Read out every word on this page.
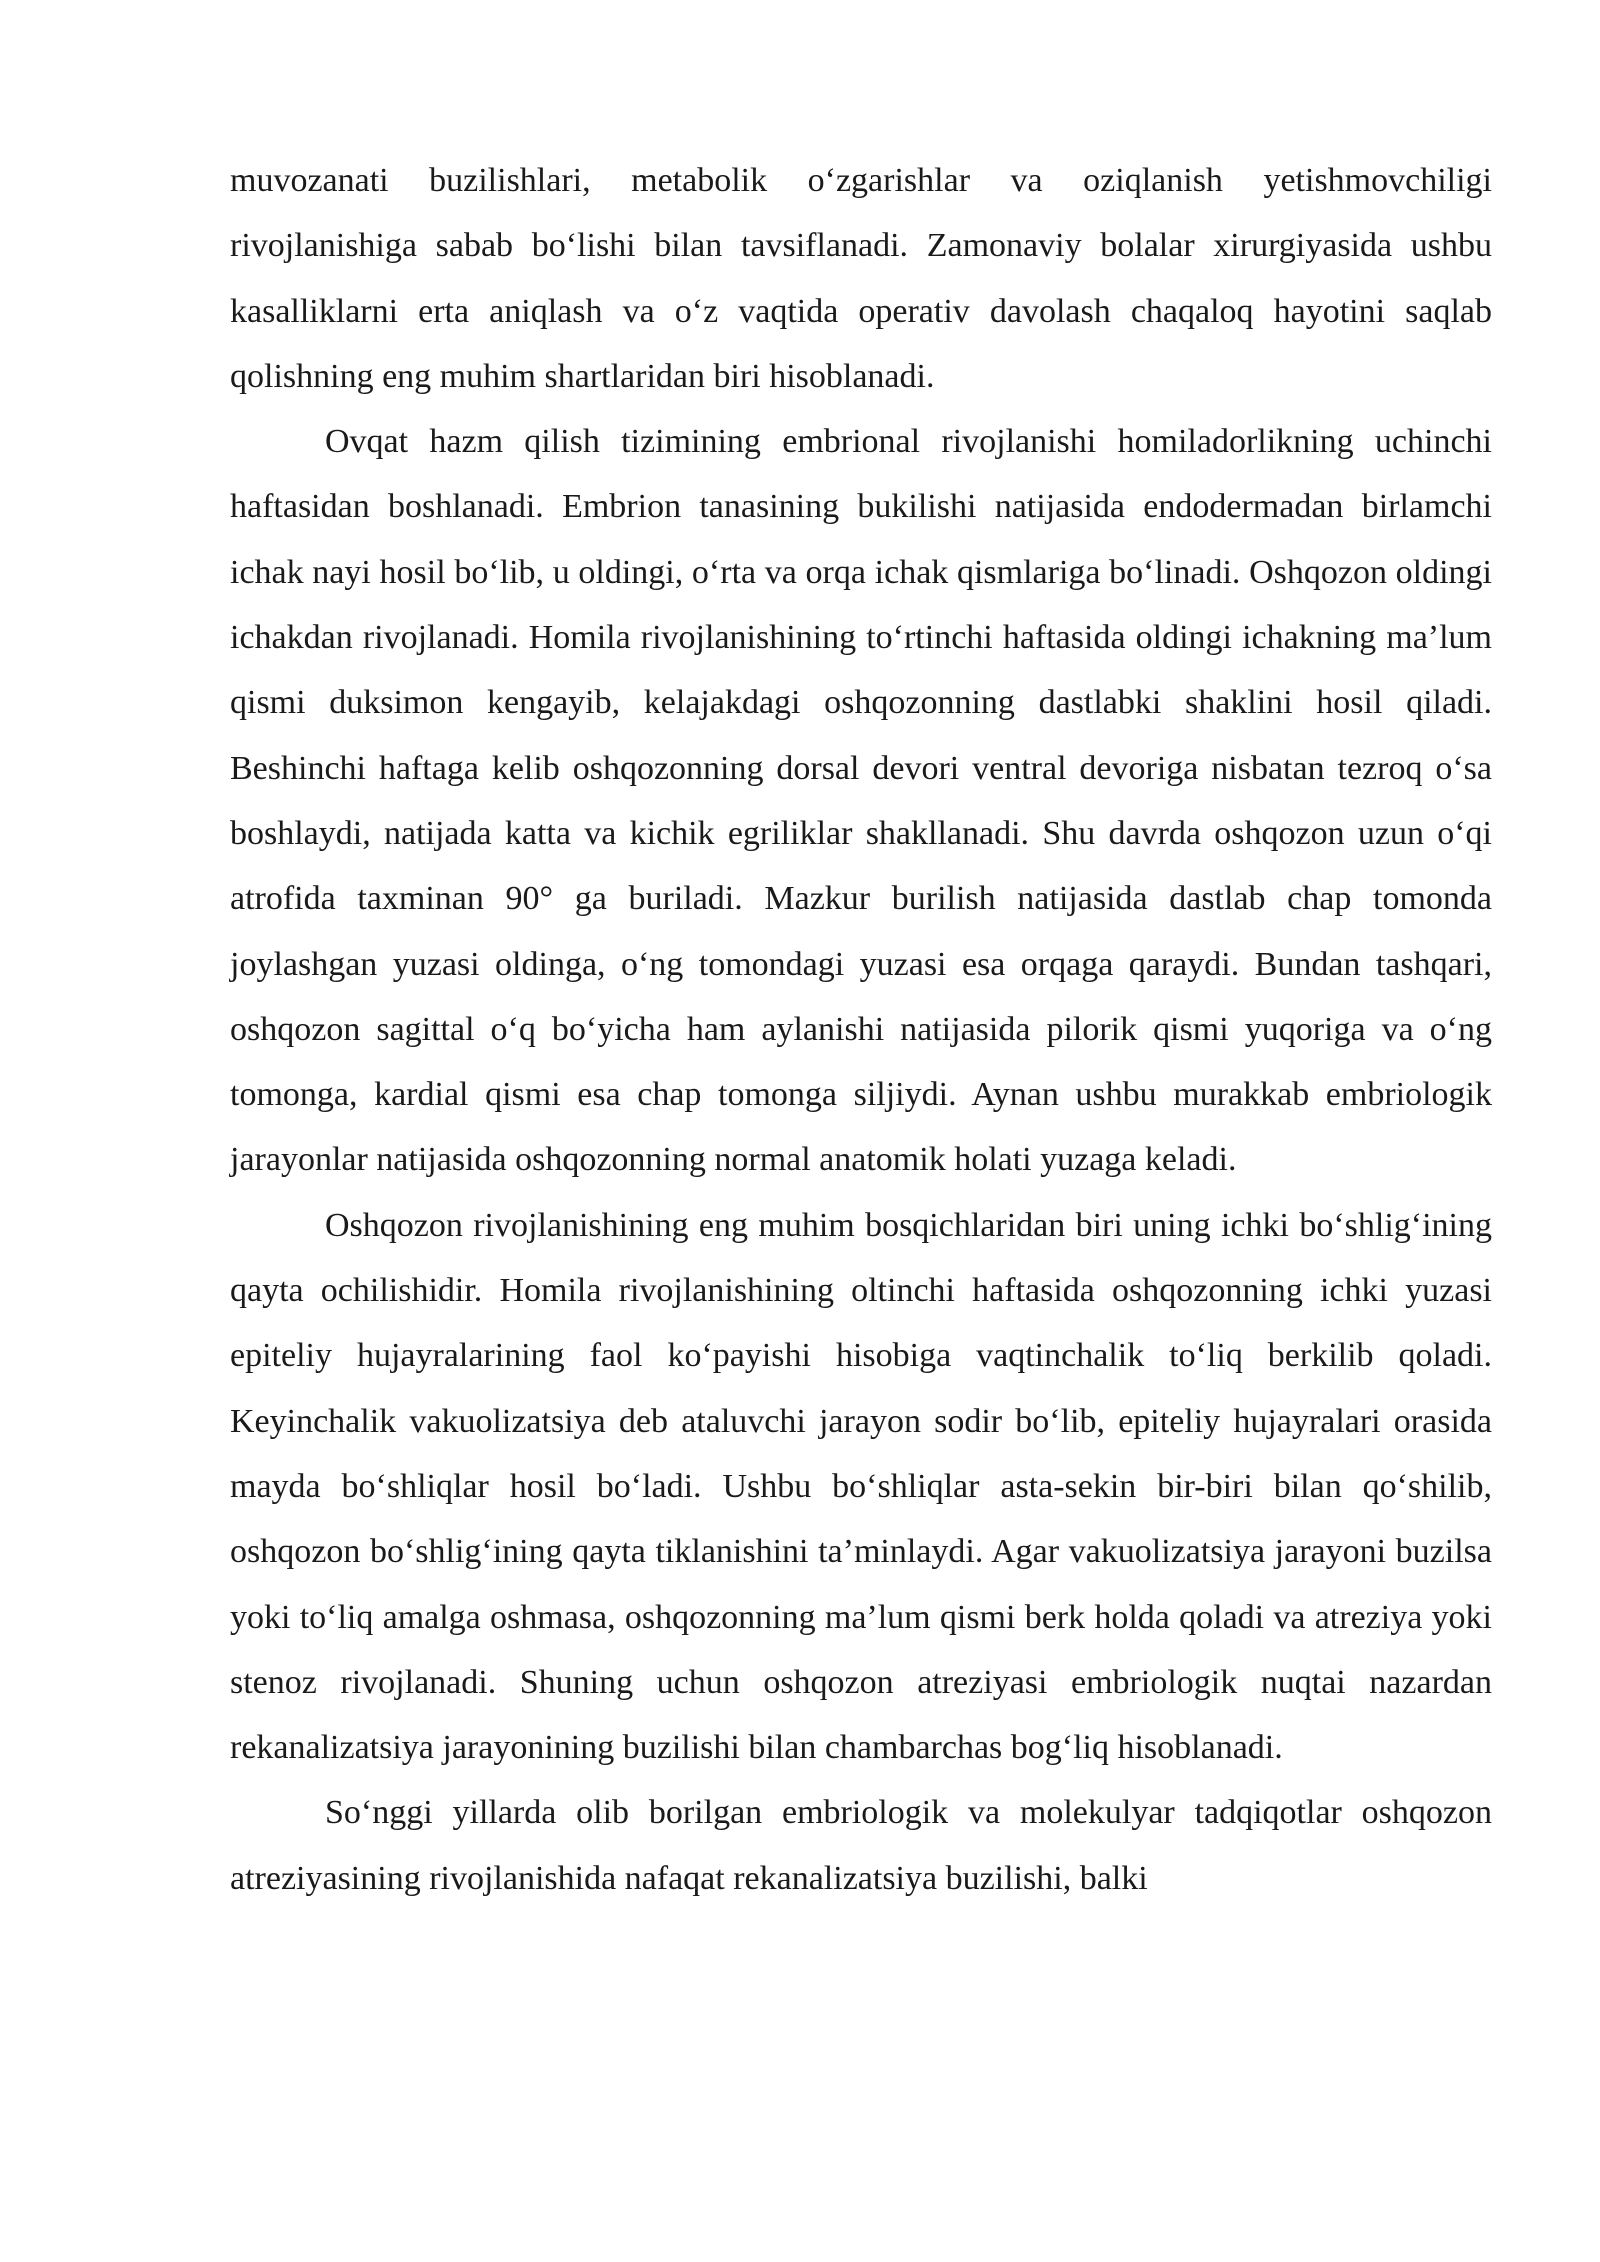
muvozanati buzilishlari, metabolik o‘zgarishlar va oziqlanish yetishmovchiligi rivojlanishiga sabab bo‘lishi bilan tavsiflanadi. Zamonaviy bolalar xirurgiyasida ushbu kasalliklarni erta aniqlash va o‘z vaqtida operativ davolash chaqaloq hayotini saqlab qolishning eng muhim shartlaridan biri hisoblanadi.

Ovqat hazm qilish tizimining embrional rivojlanishi homiladorlikning uchinchi haftasidan boshlanadi. Embrion tanasining bukilishi natijasida endodermadan birlamchi ichak nayi hosil bo‘lib, u oldingi, o‘rta va orqa ichak qismlariga bo‘linadi. Oshqozon oldingi ichakdan rivojlanadi. Homila rivojlanishining to‘rtinchi haftasida oldingi ichakning ma’lum qismi duksimon kengayib, kelajakdagi oshqozonning dastlabki shaklini hosil qiladi. Beshinchi haftaga kelib oshqozonning dorsal devori ventral devoriga nisbatan tezroq o‘sa boshlaydi, natijada katta va kichik egriliklar shakllanadi. Shu davrda oshqozon uzun o‘qi atrofida taxminan 90° ga buriladi. Mazkur burilish natijasida dastlab chap tomonda joylashgan yuzasi oldinga, o‘ng tomondagi yuzasi esa orqaga qaraydi. Bundan tashqari, oshqozon sagittal o‘q bo‘yicha ham aylanishi natijasida pilorik qismi yuqoriga va o‘ng tomonga, kardial qismi esa chap tomonga siljiydi. Aynan ushbu murakkab embriologik jarayonlar natijasida oshqozonning normal anatomik holati yuzaga keladi.

Oshqozon rivojlanishining eng muhim bosqichlaridan biri uning ichki bo‘shlig‘ining qayta ochilishidir. Homila rivojlanishining oltinchi haftasida oshqozonning ichki yuzasi epiteliy hujayralarining faol ko‘payishi hisobiga vaqtinchalik to‘liq berkilib qoladi. Keyinchalik vakuolizatsiya deb ataluvchi jarayon sodir bo‘lib, epiteliy hujayralari orasida mayda bo‘shliqlar hosil bo‘ladi. Ushbu bo‘shliqlar asta-sekin bir-biri bilan qo‘shilib, oshqozon bo‘shlig‘ining qayta tiklanishini ta’minlaydi. Agar vakuolizatsiya jarayoni buzilsa yoki to‘liq amalga oshmasa, oshqozonning ma’lum qismi berk holda qoladi va atreziya yoki stenoz rivojlanadi. Shuning uchun oshqozon atreziyasi embriologik nuqtai nazardan rekanalizatsiya jarayonining buzilishi bilan chambarchas bog‘liq hisoblanadi.

So‘nggi yillarda olib borilgan embriologik va molekulyar tadqiqotlar oshqozon atreziyasining rivojlanishida nafaqat rekanalizatsiya buzilishi, balki
